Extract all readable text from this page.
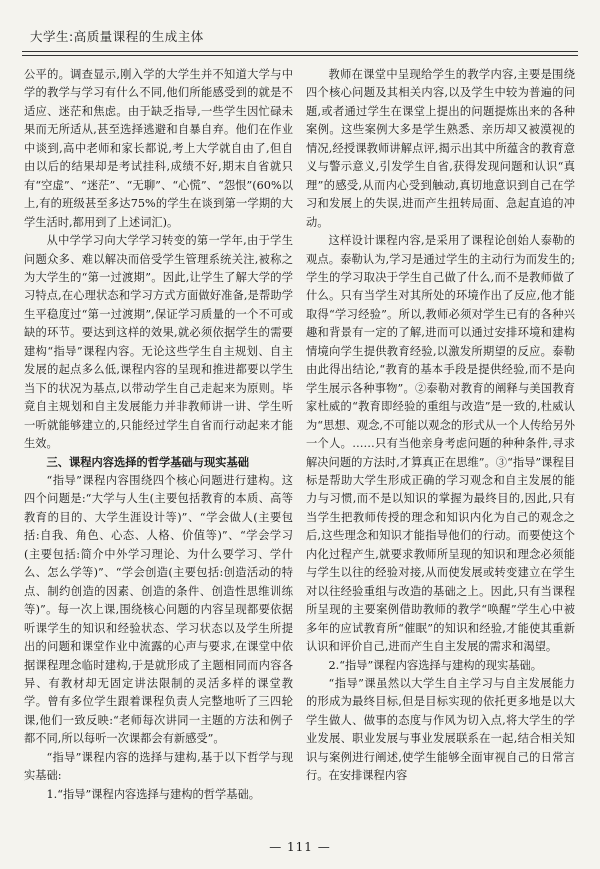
大学生:高质量课程的生成主体

公平的。调查显示,刚入学的大学生并不知道大学与中学的教学与学习有什么不同,他们所能感受到的就是不适应、迷茫和焦虑。由于缺乏指导,一些学生因忙碌未果而无所适从,甚至选择逃避和自暴自弃。他们在作业中谈到,高中老师和家长都说,考上大学就自由了,但自由以后的结果却是考试挂科,成绩不好,期末自省就只有“空虚”、“迷茫”、“无聊”、“心慌”、“怨恨”(60%以上,有的班级甚至多达75%的学生在谈到第一学期的大学生活时,都用到了上述词汇)。

从中学学习向大学学习转变的第一学年,由于学生问题众多、难以解决而倍受学生管理系统关注,被称之为大学生的“第一过渡期”。因此,让学生了解大学的学习特点,在心理状态和学习方式方面做好准备,是帮助学生平稳度过“第一过渡期”,保证学习质量的一个不可或缺的环节。要达到这样的效果,就必须依据学生的需要建构“指导”课程内容。无论这些学生自主规划、自主发展的起点多么低,课程内容的呈现和推进都要以学生当下的状况为基点,以带动学生自己走起来为原则。毕竟自主规划和自主发展能力并非教师讲一讲、学生听一听就能够建立的,只能经过学生自省而行动起来才能生效。

三、课程内容选择的哲学基础与现实基础

“指导”课程内容围绕四个核心问题进行建构。这四个问题是:“大学与人生(主要包括教育的本质、高等教育的目的、大学生涯设计等)”、“学会做人(主要包括:自我、角色、心态、人格、价值等)”、“学会学习(主要包括:简介中外学习理论、为什么要学习、学什么、怎么学等)”、“学会创造(主要包括:创造活动的特点、制约创造的因素、创造的条件、创造性思维训练等)”。每一次上课,围绕核心问题的内容呈现都要依据听课学生的知识和经验状态、学习状态以及学生所提出的问题和课堂作业中流露的心声与要求,在课堂中依据课程理念临时建构,于是就形成了主题相同而内容各异、有教材却无固定讲法限制的灵活多样的课堂教学。曾有多位学生跟着课程负责人完整地听了三四轮课,他们一致反映:“老师每次讲同一主题的方法和例子都不同,所以每听一次课都会有新感受”。

“指导”课程内容的选择与建构,基于以下哲学与现实基础:

1.“指导”课程内容选择与建构的哲学基础。

教师在课堂中呈现给学生的教学内容,主要是围绕四个核心问题及其相关内容,以及学生中较为普遍的问题,或者通过学生在课堂上提出的问题提炼出来的各种案例。这些案例大多是学生熟悉、亲历却又被漠视的情况,经授课教师讲解点评,揭示出其中所蕴含的教育意义与警示意义,引发学生自省,获得发现问题和认识“真理”的感受,从而内心受到触动,真切地意识到自己在学习和发展上的失误,进而产生扭转局面、急起直追的冲动。

这样设计课程内容,是采用了课程论创始人泰勒的观点。泰勒认为,学习是通过学生的主动行为而发生的;学生的学习取决于学生自己做了什么,而不是教师做了什么。只有当学生对其所处的环境作出了反应,他才能取得“学习经验”。所以,教师必须对学生已有的各种兴趣和背景有一定的了解,进而可以通过安排环境和建构情境向学生提供教育经验,以激发所期望的反应。泰勒由此得出结论,“教育的基本手段是提供经验,而不是向学生展示各种事物”。②泰勒对教育的阐释与美国教育家杜威的“教育即经验的重组与改造”是一致的,杜威认为“思想、观念,不可能以观念的形式从一个人传给另外一个人。……只有当他亲身考虑问题的种种条件,寻求解决问题的方法时,才算真正在思维”。③“指导”课程目标是帮助大学生形成正确的学习观念和自主发展的能力与习惯,而不是以知识的掌握为最终目的,因此,只有当学生把教师传授的理念和知识内化为自己的观念之后,这些理念和知识才能指导他们的行动。而要使这个内化过程产生,就要求教师所呈现的知识和理念必须能与学生以往的经验对接,从而使发展或转变建立在学生对以往经验重组与改造的基础之上。因此,只有当课程所呈现的主要案例借助教师的教学“唤醒”学生心中被多年的应试教育所“催眠”的知识和经验,才能使其重新认识和评价自己,进而产生自主发展的需求和渴望。

2.“指导”课程内容选择与建构的现实基础。

“指导”课虽然以大学生自主学习与自主发展能力的形成为最终目标,但是目标实现的依托更多地是以大学生做人、做事的态度与作风为切入点,将大学生的学业发展、职业发展与事业发展联系在一起,结合相关知识与案例进行阐述,使学生能够全面审视自己的日常言行。在安排课程内容

— 111 —
